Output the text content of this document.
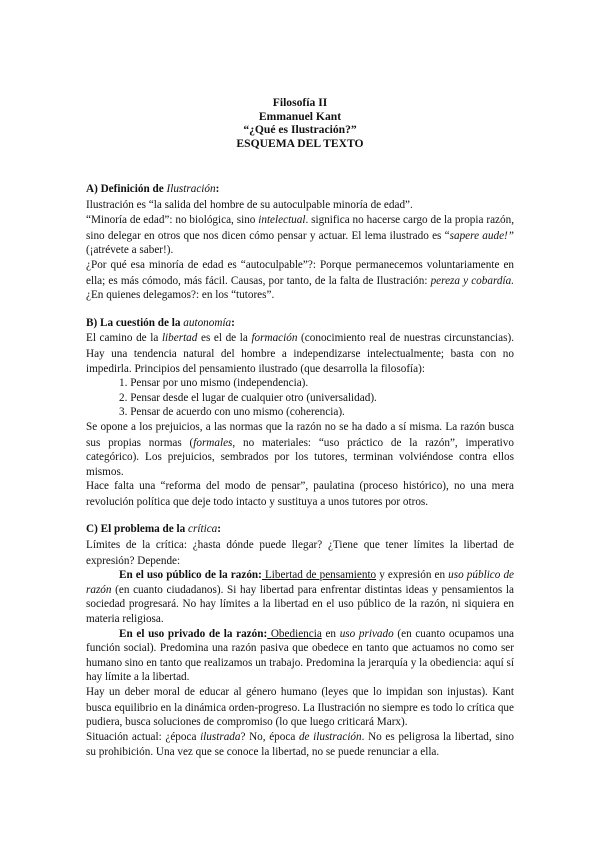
Filosofía II
Emmanuel Kant
“¿Qué es Ilustración?”
ESQUEMA DEL TEXTO
A) Definición de Ilustración:
Ilustración es “la salida del hombre de su autoculpable minoría de edad”.
“Minoría de edad”: no biológica, sino intelectual. significa no hacerse cargo de la propia razón, sino delegar en otros que nos dicen cómo pensar y actuar. El lema ilustrado es “sapere aude!” (¡atrévete a saber!).
¿Por qué esa minoría de edad es “autoculpable”?: Porque permanecemos voluntariamente en ella; es más cómodo, más fácil. Causas, por tanto, de la falta de Ilustración: pereza y cobardía. ¿En quienes delegamos?: en los “tutores”.
B) La cuestión de la autonomía:
El camino de la libertad es el de la formación (conocimiento real de nuestras circunstancias). Hay una tendencia natural del hombre a independizarse intelectualmente; basta con no impedirla. Principios del pensamiento ilustrado (que desarrolla la filosofía):
1. Pensar por uno mismo (independencia).
2. Pensar desde el lugar de cualquier otro (universalidad).
3. Pensar de acuerdo con uno mismo (coherencia).
Se opone a los prejuicios, a las normas que la razón no se ha dado a sí misma. La razón busca sus propias normas (formales, no materiales: “uso práctico de la razón”, imperativo categórico). Los prejuicios, sembrados por los tutores, terminan volviéndose contra ellos mismos.
Hace falta una “reforma del modo de pensar”, paulatina (proceso histórico), no una mera revolución política que deje todo intacto y sustituya a unos tutores por otros.
C) El problema de la crítica:
Límites de la crítica: ¿hasta dónde puede llegar? ¿Tiene que tener límites la libertad de expresión? Depende:
En el uso público de la razón: Libertad de pensamiento y expresión en uso público de razón (en cuanto ciudadanos). Si hay libertad para enfrentar distintas ideas y pensamientos la sociedad progresará. No hay límites a la libertad en el uso público de la razón, ni siquiera en materia religiosa.
En el uso privado de la razón: Obediencia en uso privado (en cuanto ocupamos una función social). Predomina una razón pasiva que obedece en tanto que actuamos no como ser humano sino en tanto que realizamos un trabajo. Predomina la jerarquía y la obediencia: aquí sí hay límite a la libertad.
Hay un deber moral de educar al género humano (leyes que lo impidan son injustas). Kant busca equilibrio en la dinámica orden-progreso. La Ilustración no siempre es todo lo crítica que pudiera, busca soluciones de compromiso (lo que luego criticará Marx).
Situación actual: ¿época ilustrada? No, época de ilustración. No es peligrosa la libertad, sino su prohibición. Una vez que se conoce la libertad, no se puede renunciar a ella.
